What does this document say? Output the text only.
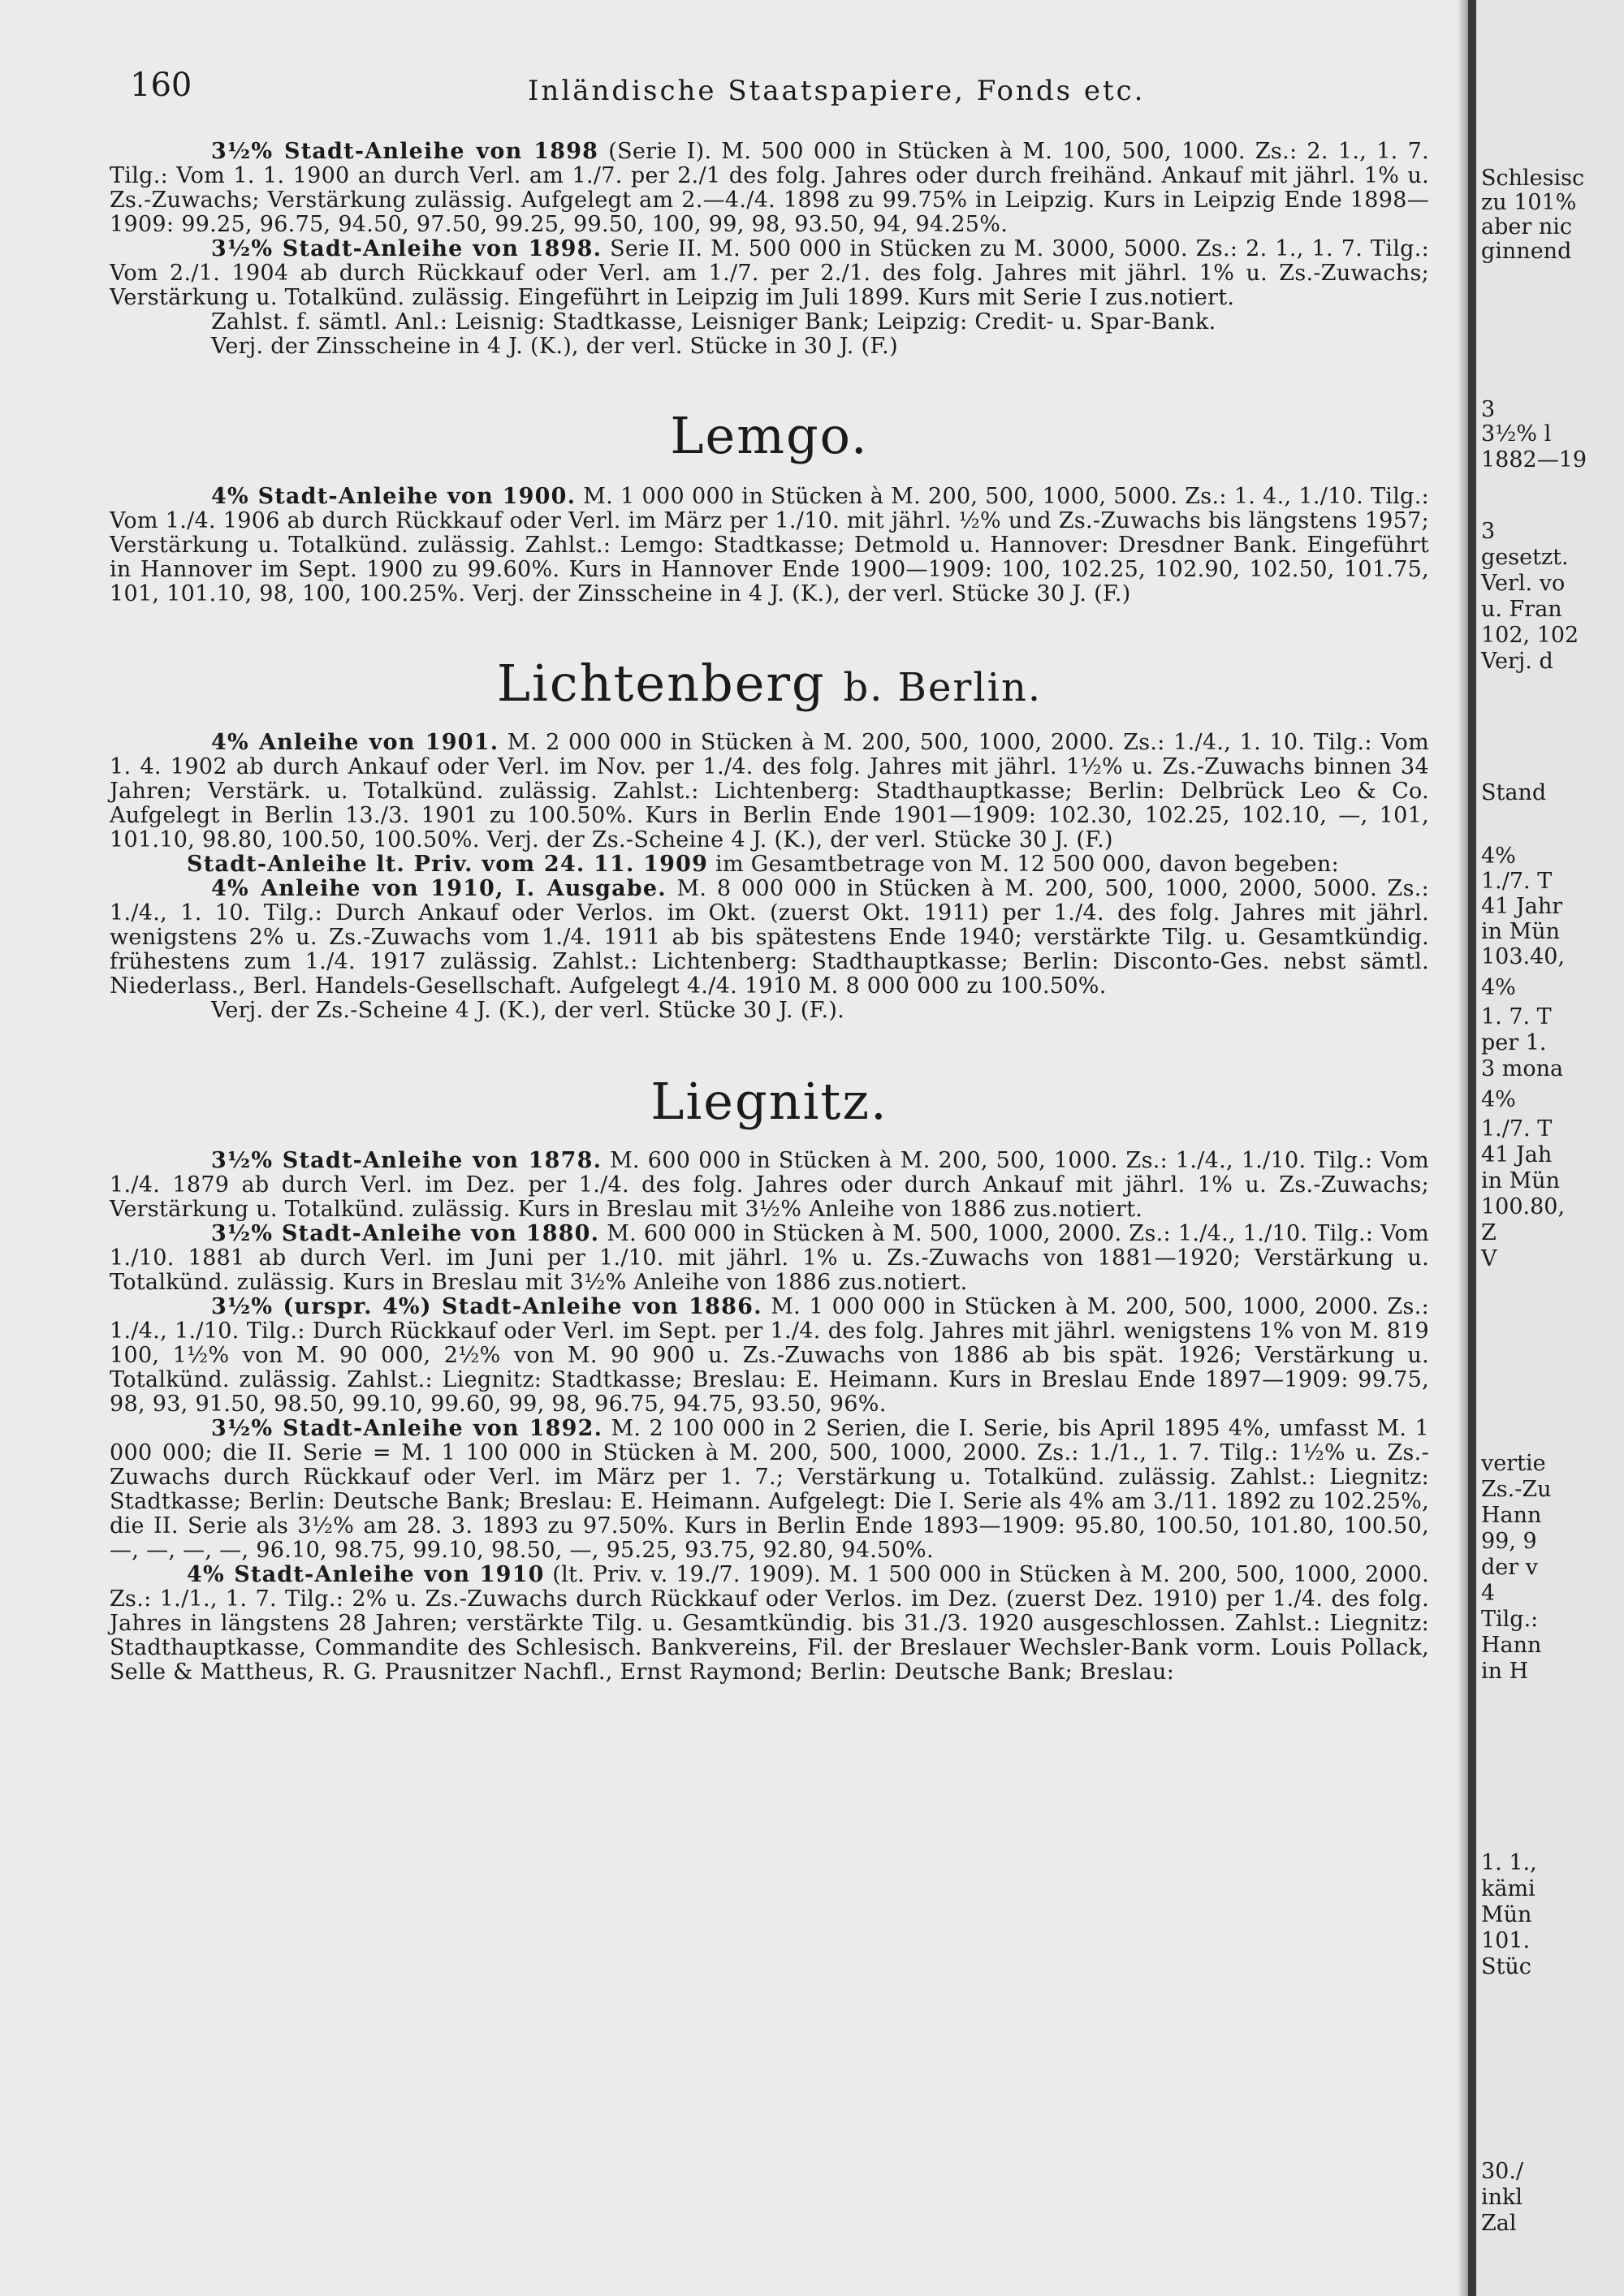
160	Inländische Staatspapiere, Fonds etc.

3½% Stadt-Anleihe von 1898 (Serie I). M. 500 000 in Stücken à M. 100, 500, 1000. Zs.: 2. 1., 1. 7. Tilg.: Vom 1. 1. 1900 an durch Verl. am 1./7. per 2./1 des folg. Jahres oder durch freihänd. Ankauf mit jährl. 1% u. Zs.-Zuwachs; Verstärkung zulässig. Aufgelegt am 2.—4./4. 1898 zu 99.75% in Leipzig. Kurs in Leipzig Ende 1898—1909: 99.25, 96.75, 94.50, 97.50, 99.25, 99.50, 100, 99, 98, 93.50, 94, 94.25%.

3½% Stadt-Anleihe von 1898. Serie II. M. 500 000 in Stücken zu M. 3000, 5000. Zs.: 2. 1., 1. 7. Tilg.: Vom 2./1. 1904 ab durch Rückkauf oder Verl. am 1./7. per 2./1. des folg. Jahres mit jährl. 1% u. Zs.-Zuwachs; Verstärkung u. Totalkünd. zulässig. Eingeführt in Leipzig im Juli 1899. Kurs mit Serie I zus.notiert.

Zahlst. f. sämtl. Anl.: Leisnig: Stadtkasse, Leisniger Bank; Leipzig: Credit- u. Spar-Bank.

Verj. der Zinsscheine in 4 J. (K.), der verl. Stücke in 30 J. (F.)

Lemgo.

4% Stadt-Anleihe von 1900. M. 1 000 000 in Stücken à M. 200, 500, 1000, 5000. Zs.: 1. 4., 1./10. Tilg.: Vom 1./4. 1906 ab durch Rückkauf oder Verl. im März per 1./10. mit jährl. ½% und Zs.-Zuwachs bis längstens 1957; Verstärkung u. Totalkünd. zulässig. Zahlst.: Lemgo: Stadtkasse; Detmold u. Hannover: Dresdner Bank. Eingeführt in Hannover im Sept. 1900 zu 99.60%. Kurs in Hannover Ende 1900—1909: 100, 102.25, 102.90, 102.50, 101.75, 101, 101.10, 98, 100, 100.25%. Verj. der Zinsscheine in 4 J. (K.), der verl. Stücke 30 J. (F.)

Lichtenberg b. Berlin.

4% Anleihe von 1901. M. 2 000 000 in Stücken à M. 200, 500, 1000, 2000. Zs.: 1./4., 1. 10. Tilg.: Vom 1. 4. 1902 ab durch Ankauf oder Verl. im Nov. per 1./4. des folg. Jahres mit jährl. 1½% u. Zs.-Zuwachs binnen 34 Jahren; Verstärk. u. Totalkünd. zulässig. Zahlst.: Lichtenberg: Stadthauptkasse; Berlin: Delbrück Leo & Co. Aufgelegt in Berlin 13./3. 1901 zu 100.50%. Kurs in Berlin Ende 1901—1909: 102.30, 102.25, 102.10, —, 101, 101.10, 98.80, 100.50, 100.50%. Verj. der Zs.-Scheine 4 J. (K.), der verl. Stücke 30 J. (F.)

Stadt-Anleihe lt. Priv. vom 24. 11. 1909 im Gesamtbetrage von M. 12 500 000, davon begeben:

4% Anleihe von 1910, I. Ausgabe. M. 8 000 000 in Stücken à M. 200, 500, 1000, 2000, 5000. Zs.: 1./4., 1. 10. Tilg.: Durch Ankauf oder Verlos. im Okt. (zuerst Okt. 1911) per 1./4. des folg. Jahres mit jährl. wenigstens 2% u. Zs.-Zuwachs vom 1./4. 1911 ab bis spätestens Ende 1940; verstärkte Tilg. u. Gesamtkündig. frühestens zum 1./4. 1917 zulässig. Zahlst.: Lichtenberg: Stadthauptkasse; Berlin: Disconto-Ges. nebst sämtl. Niederlass., Berl. Handels-Gesellschaft. Aufgelegt 4./4. 1910 M. 8 000 000 zu 100.50%.

Verj. der Zs.-Scheine 4 J. (K.), der verl. Stücke 30 J. (F.).

Liegnitz.

3½% Stadt-Anleihe von 1878. M. 600 000 in Stücken à M. 200, 500, 1000. Zs.: 1./4., 1./10. Tilg.: Vom 1./4. 1879 ab durch Verl. im Dez. per 1./4. des folg. Jahres oder durch Ankauf mit jährl. 1% u. Zs.-Zuwachs; Verstärkung u. Totalkünd. zulässig. Kurs in Breslau mit 3½% Anleihe von 1886 zus.notiert.

3½% Stadt-Anleihe von 1880. M. 600 000 in Stücken à M. 500, 1000, 2000. Zs.: 1./4., 1./10. Tilg.: Vom 1./10. 1881 ab durch Verl. im Juni per 1./10. mit jährl. 1% u. Zs.-Zuwachs von 1881—1920; Verstärkung u. Totalkünd. zulässig. Kurs in Breslau mit 3½% Anleihe von 1886 zus.notiert.

3½% (urspr. 4%) Stadt-Anleihe von 1886. M. 1 000 000 in Stücken à M. 200, 500, 1000, 2000. Zs.: 1./4., 1./10. Tilg.: Durch Rückkauf oder Verl. im Sept. per 1./4. des folg. Jahres mit jährl. wenigstens 1% von M. 819 100, 1½% von M. 90 000, 2½% von M. 90 900 u. Zs.-Zuwachs von 1886 ab bis spät. 1926; Verstärkung u. Totalkünd. zulässig. Zahlst.: Liegnitz: Stadtkasse; Breslau: E. Heimann. Kurs in Breslau Ende 1897—1909: 99.75, 98, 93, 91.50, 98.50, 99.10, 99.60, 99, 98, 96.75, 94.75, 93.50, 96%.

3½% Stadt-Anleihe von 1892. M. 2 100 000 in 2 Serien, die I. Serie, bis April 1895 4%, umfasst M. 1 000 000; die II. Serie = M. 1 100 000 in Stücken à M. 200, 500, 1000, 2000. Zs.: 1./1., 1. 7. Tilg.: 1½% u. Zs.-Zuwachs durch Rückkauf oder Verl. im März per 1. 7.; Verstärkung u. Totalkünd. zulässig. Zahlst.: Liegnitz: Stadtkasse; Berlin: Deutsche Bank; Breslau: E. Heimann. Aufgelegt: Die I. Serie als 4% am 3./11. 1892 zu 102.25%, die II. Serie als 3½% am 28. 3. 1893 zu 97.50%. Kurs in Berlin Ende 1893—1909: 95.80, 100.50, 101.80, 100.50, —, —, —, —, 96.10, 98.75, 99.10, 98.50, —, 95.25, 93.75, 92.80, 94.50%.

4% Stadt-Anleihe von 1910 (lt. Priv. v. 19./7. 1909). M. 1 500 000 in Stücken à M. 200, 500, 1000, 2000. Zs.: 1./1., 1. 7. Tilg.: 2% u. Zs.-Zuwachs durch Rückkauf oder Verlos. im Dez. (zuerst Dez. 1910) per 1./4. des folg. Jahres in längstens 28 Jahren; verstärkte Tilg. u. Gesamtkündig. bis 31./3. 1920 ausgeschlossen. Zahlst.: Liegnitz: Stadthauptkasse, Commandite des Schlesisch. Bankvereins, Fil. der Breslauer Wechsler-Bank vorm. Louis Pollack, Selle & Mattheus, R. G. Prausnitzer Nachfl., Ernst Raymond; Berlin: Deutsche Bank; Breslau:

Schlesisc
zu 101%
aber nic
ginnend
3
3½% l
1882—19
3
gesetzt.
Verl. vo
u. Fran
102, 102
Verj. d
Stand
4%
1./7. T
41 Jahr
in Mün
103.40,
4%
1. 7. T
per 1.
3 mona
4%
1./7. T
41 Jah
in Mün
100.80,
Z
V
vertie
Zs.-Zu
Hann
99, 9
der v
4
Tilg.:
Hann
in H
1. 1.,
kämi
Mün
101.
Stüc
30./
inkl
Zal
